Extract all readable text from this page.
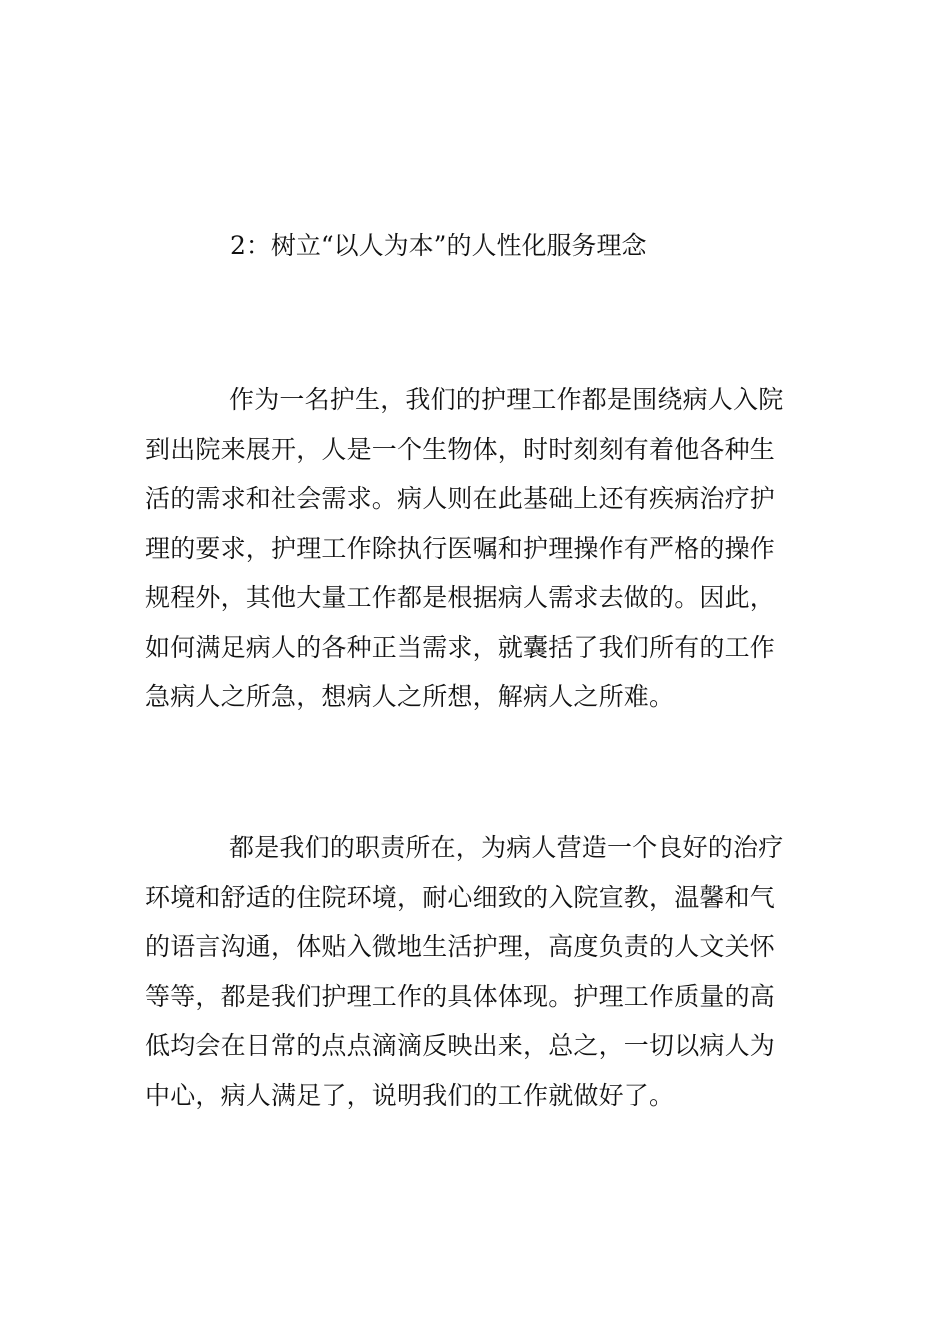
2：树立“以人为本”的人性化服务理念
作为一名护生，我们的护理工作都是围绕病人入院
到出院来展开，人是一个生物体，时时刻刻有着他各种生
活的需求和社会需求。病人则在此基础上还有疾病治疗护
理的要求，护理工作除执行医嘱和护理操作有严格的操作
规程外，其他大量工作都是根据病人需求去做的。因此，
如何满足病人的各种正当需求，就囊括了我们所有的工作
急病人之所急，想病人之所想，解病人之所难。
都是我们的职责所在，为病人营造一个良好的治疗
环境和舒适的住院环境，耐心细致的入院宣教，温馨和气
的语言沟通，体贴入微地生活护理，高度负责的人文关怀
等等，都是我们护理工作的具体体现。护理工作质量的高
低均会在日常的点点滴滴反映出来，总之，一切以病人为
中心，病人满足了，说明我们的工作就做好了。
